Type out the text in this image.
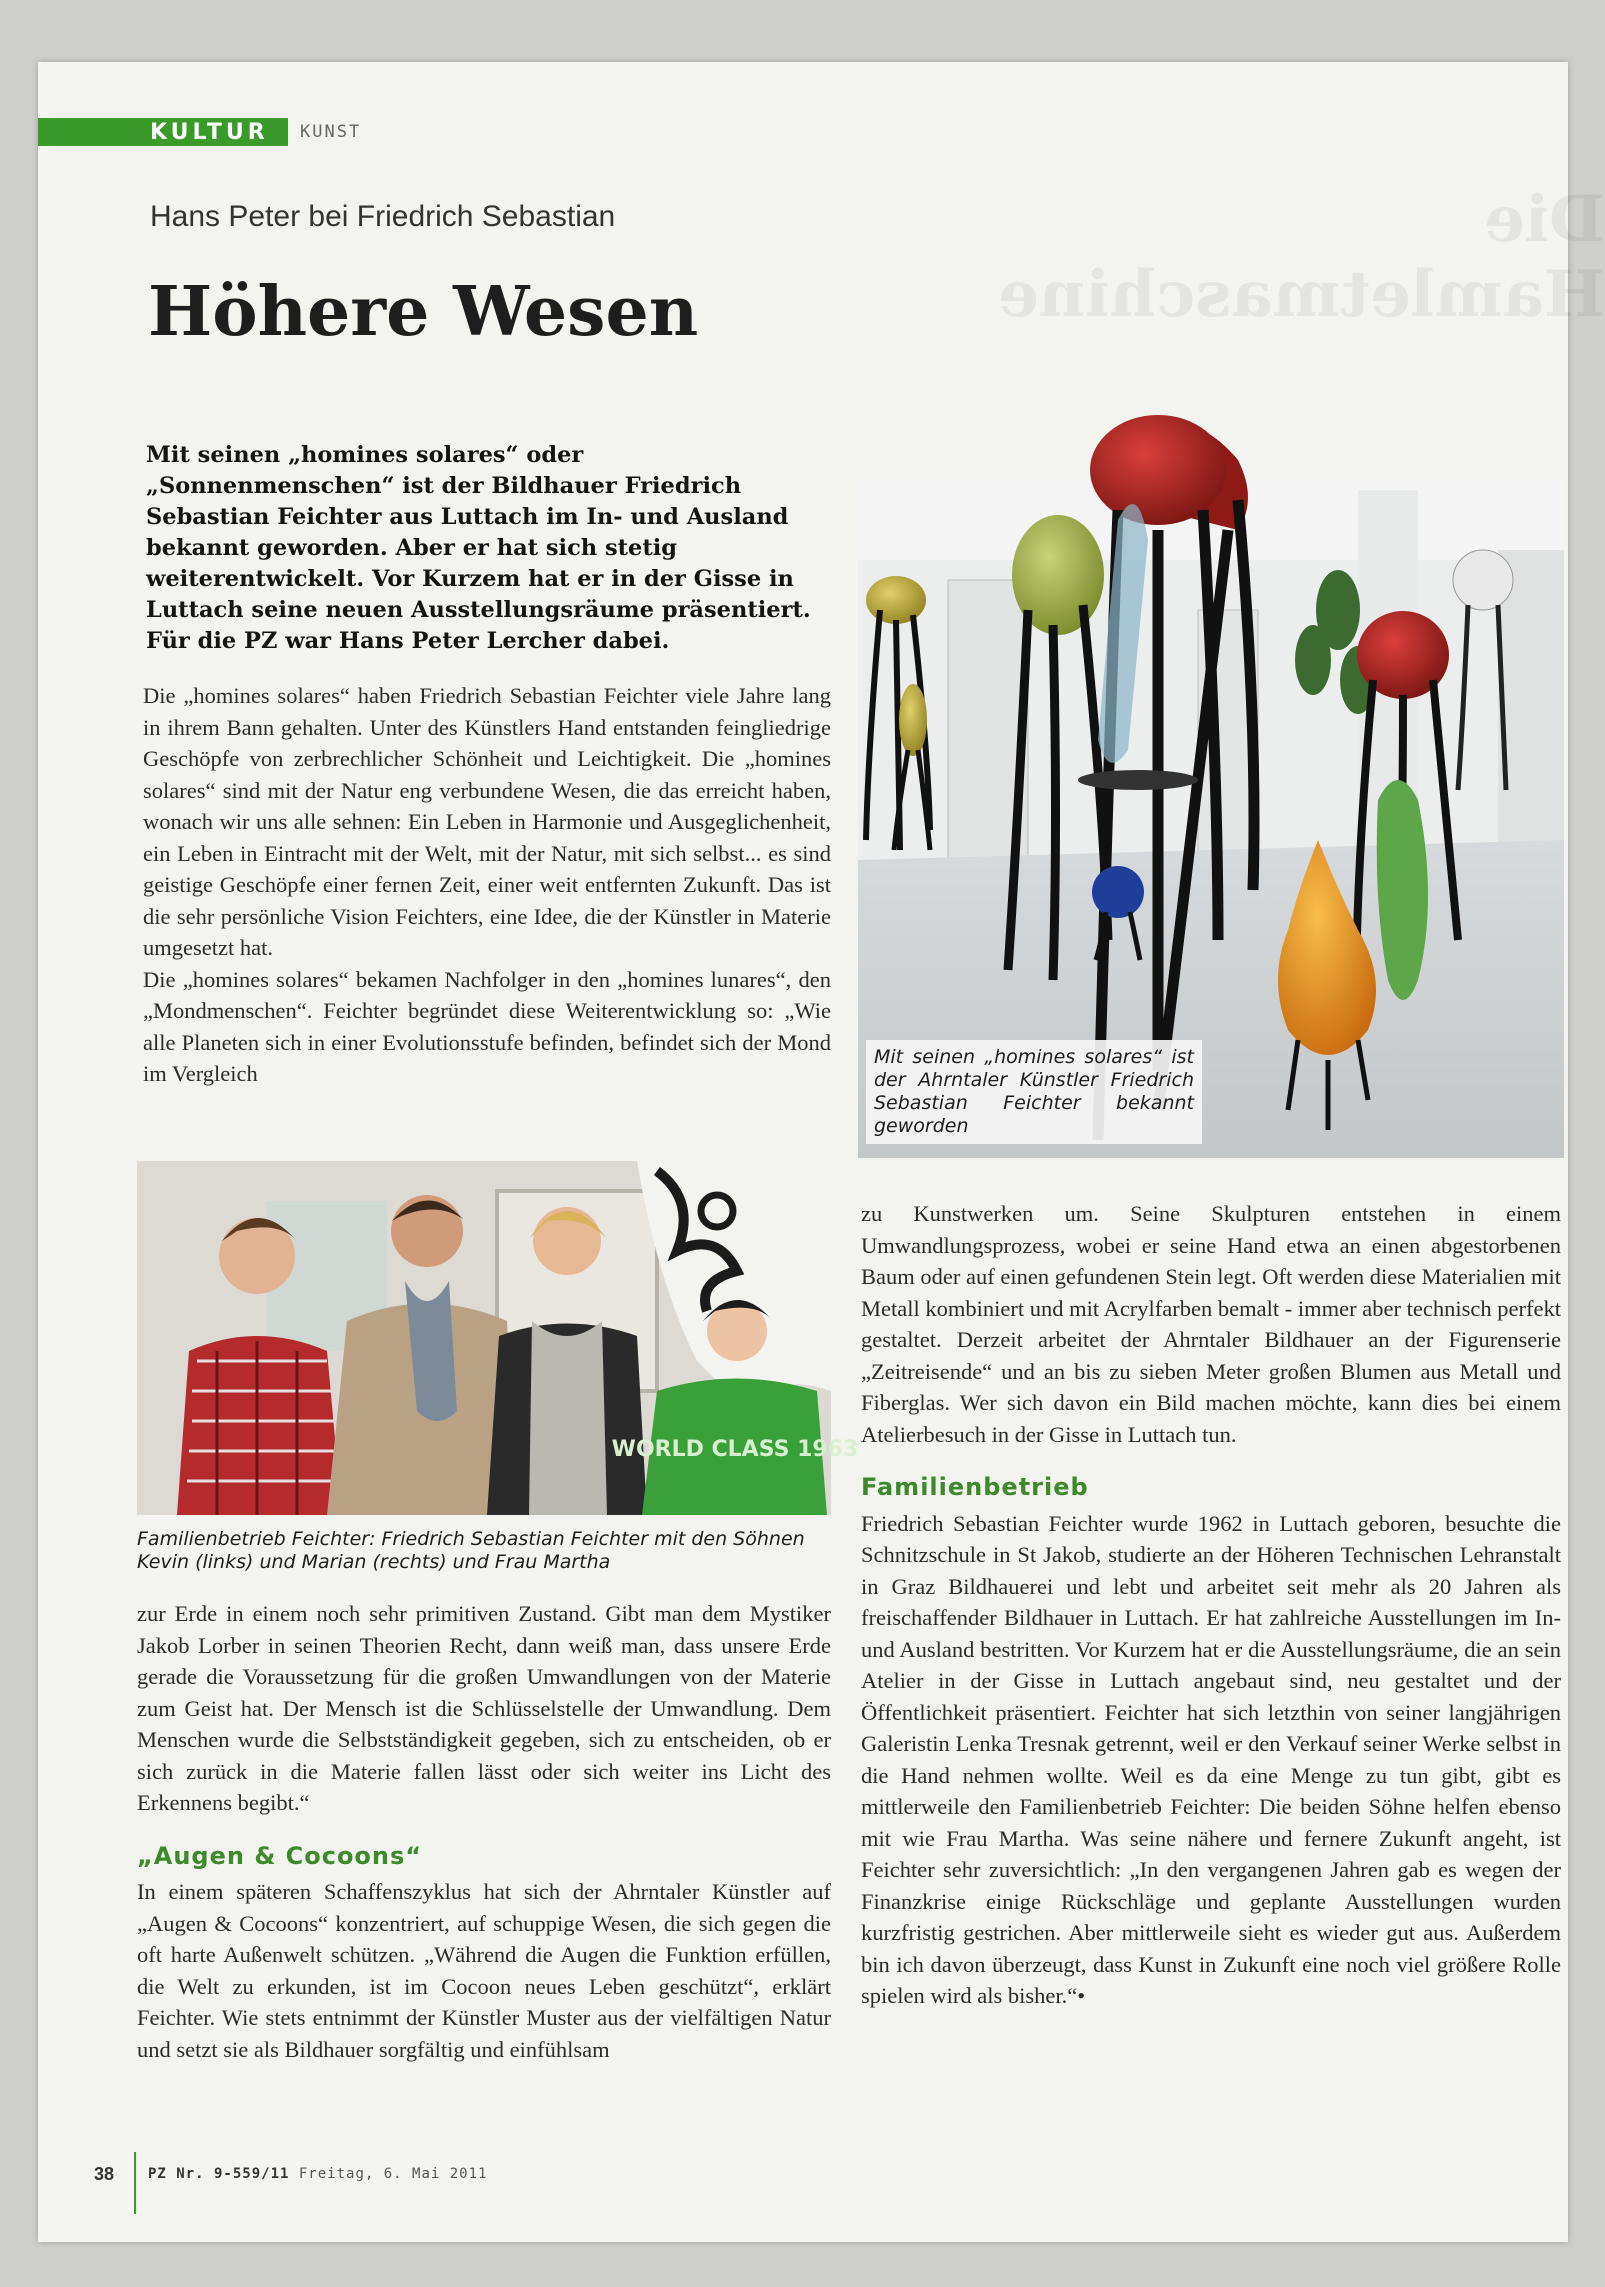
Die Hamletmaschine
KULTUR KUNST
Hans Peter bei Friedrich Sebastian
Höhere Wesen
Mit seinen „homines solares“ oder „Sonnenmenschen“ ist der Bildhauer Friedrich Sebastian Feichter aus Luttach im In- und Ausland bekannt geworden. Aber er hat sich stetig weiterentwickelt. Vor Kurzem hat er in der Gisse in Luttach seine neuen Ausstellungsräume präsentiert. Für die PZ war Hans Peter Lercher dabei.

Die „homines solares“ haben Friedrich Sebastian Feichter viele Jahre lang in ihrem Bann gehalten. Unter des Künstlers Hand entstanden feingliedrige Geschöpfe von zerbrechlicher Schönheit und Leichtigkeit. Die „homines solares“ sind mit der Natur eng verbundene Wesen, die das erreicht haben, wonach wir uns alle sehnen: Ein Leben in Harmonie und Ausgeglichenheit, ein Leben in Eintracht mit der Welt, mit der Natur, mit sich selbst... es sind geistige Geschöpfe einer fernen Zeit, einer weit entfernten Zukunft. Das ist die sehr persönliche Vision Feichters, eine Idee, die der Künstler in Materie umgesetzt hat.

Die „homines solares“ bekamen Nachfolger in den „homines lunares“, den „Mondmenschen“. Feichter begründet diese Weiterentwicklung so: „Wie alle Planeten sich in einer Evolutionsstufe befinden, befindet sich der Mond im Vergleich

Mit seinen „homines solares“ ist der Ahrntaler Künstler Friedrich Sebastian Feichter bekannt geworden
WORLD CLASS 1963
Familienbetrieb Feichter: Friedrich Sebastian Feichter mit den Söhnen Kevin (links) und Marian (rechts) und Frau Martha

zur Erde in einem noch sehr primitiven Zustand. Gibt man dem Mystiker Jakob Lorber in seinen Theorien Recht, dann weiß man, dass unsere Erde gerade die Voraussetzung für die großen Umwandlungen von der Materie zum Geist hat. Der Mensch ist die Schlüsselstelle der Umwandlung. Dem Menschen wurde die Selbstständigkeit gegeben, sich zu entscheiden, ob er sich zurück in die Materie fallen lässt oder sich weiter ins Licht des Erkennens begibt.“

„Augen & Cocoons“

In einem späteren Schaffenszyklus hat sich der Ahrntaler Künstler auf „Augen & Cocoons“ konzentriert, auf schuppige Wesen, die sich gegen die oft harte Außenwelt schützen. „Während die Augen die Funktion erfüllen, die Welt zu erkunden, ist im Cocoon neues Leben geschützt“, erklärt Feichter. Wie stets entnimmt der Künstler Muster aus der vielfältigen Natur und setzt sie als Bildhauer sorgfältig und einfühlsam

zu Kunstwerken um. Seine Skulpturen entstehen in einem Umwandlungsprozess, wobei er seine Hand etwa an einen abgestorbenen Baum oder auf einen gefundenen Stein legt. Oft werden diese Materialien mit Metall kombiniert und mit Acrylfarben bemalt - immer aber technisch perfekt gestaltet. Derzeit arbeitet der Ahrntaler Bildhauer an der Figurenserie „Zeitreisende“ und an bis zu sieben Meter großen Blumen aus Metall und Fiberglas. Wer sich davon ein Bild machen möchte, kann dies bei einem Atelierbesuch in der Gisse in Luttach tun.

Familienbetrieb

Friedrich Sebastian Feichter wurde 1962 in Luttach geboren, besuchte die Schnitzschule in St Jakob, studierte an der Höheren Technischen Lehranstalt in Graz Bildhauerei und lebt und arbeitet seit mehr als 20 Jahren als freischaffender Bildhauer in Luttach. Er hat zahlreiche Ausstellungen im In- und Ausland bestritten. Vor Kurzem hat er die Ausstellungsräume, die an sein Atelier in der Gisse in Luttach angebaut sind, neu gestaltet und der Öffentlichkeit präsentiert. Feichter hat sich letzthin von seiner langjährigen Galeristin Lenka Tresnak getrennt, weil er den Verkauf seiner Werke selbst in die Hand nehmen wollte. Weil es da eine Menge zu tun gibt, gibt es mittlerweile den Familienbetrieb Feichter: Die beiden Söhne helfen ebenso mit wie Frau Martha. Was seine nähere und fernere Zukunft angeht, ist Feichter sehr zuversichtlich: „In den vergangenen Jahren gab es wegen der Finanzkrise einige Rückschläge und geplante Ausstellungen wurden kurzfristig gestrichen. Aber mittlerweile sieht es wieder gut aus. Außerdem bin ich davon überzeugt, dass Kunst in Zukunft eine noch viel größere Rolle spielen wird als bisher.“•

38 PZ Nr. 9-559/11 Freitag, 6. Mai 2011
